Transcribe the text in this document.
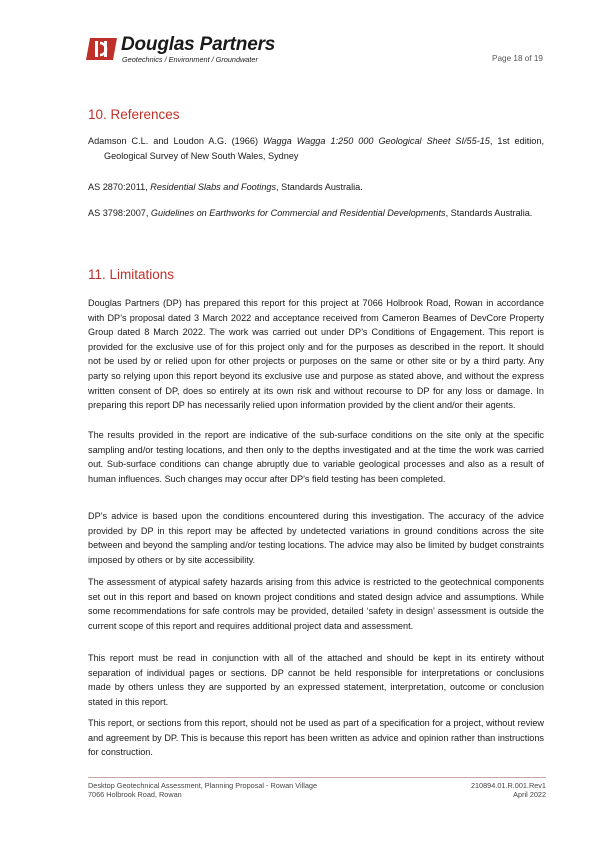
Douglas Partners
Geotechnics / Environment / Groundwater	Page 18 of 19
10. References

Adamson C.L. and Loudon A.G. (1966) Wagga Wagga 1:250 000 Geological Sheet SI/55-15, 1st edition, Geological Survey of New South Wales, Sydney

AS 2870:2011, Residential Slabs and Footings, Standards Australia.

AS 3798:2007, Guidelines on Earthworks for Commercial and Residential Developments, Standards Australia.

11. Limitations

Douglas Partners (DP) has prepared this report for this project at 7066 Holbrook Road, Rowan in accordance with DP’s proposal dated 3 March 2022 and acceptance received from Cameron Beames of DevCore Property Group dated 8 March 2022. The work was carried out under DP’s Conditions of Engagement. This report is provided for the exclusive use of for this project only and for the purposes as described in the report. It should not be used by or relied upon for other projects or purposes on the same or other site or by a third party. Any party so relying upon this report beyond its exclusive use and purpose as stated above, and without the express written consent of DP, does so entirely at its own risk and without recourse to DP for any loss or damage. In preparing this report DP has necessarily relied upon information provided by the client and/or their agents.

The results provided in the report are indicative of the sub-surface conditions on the site only at the specific sampling and/or testing locations, and then only to the depths investigated and at the time the work was carried out. Sub-surface conditions can change abruptly due to variable geological processes and also as a result of human influences. Such changes may occur after DP’s field testing has been completed.

DP’s advice is based upon the conditions encountered during this investigation. The accuracy of the advice provided by DP in this report may be affected by undetected variations in ground conditions across the site between and beyond the sampling and/or testing locations. The advice may also be limited by budget constraints imposed by others or by site accessibility.

The assessment of atypical safety hazards arising from this advice is restricted to the geotechnical components set out in this report and based on known project conditions and stated design advice and assumptions. While some recommendations for safe controls may be provided, detailed ‘safety in design’ assessment is outside the current scope of this report and requires additional project data and assessment.

This report must be read in conjunction with all of the attached and should be kept in its entirety without separation of individual pages or sections. DP cannot be held responsible for interpretations or conclusions made by others unless they are supported by an expressed statement, interpretation, outcome or conclusion stated in this report.

This report, or sections from this report, should not be used as part of a specification for a project, without review and agreement by DP. This is because this report has been written as advice and opinion rather than instructions for construction.

Desktop Geotechnical Assessment, Planning Proposal - Rowan Village
7066 Holbrook Road, Rowan
210894.01.R.001.Rev1
April 2022
